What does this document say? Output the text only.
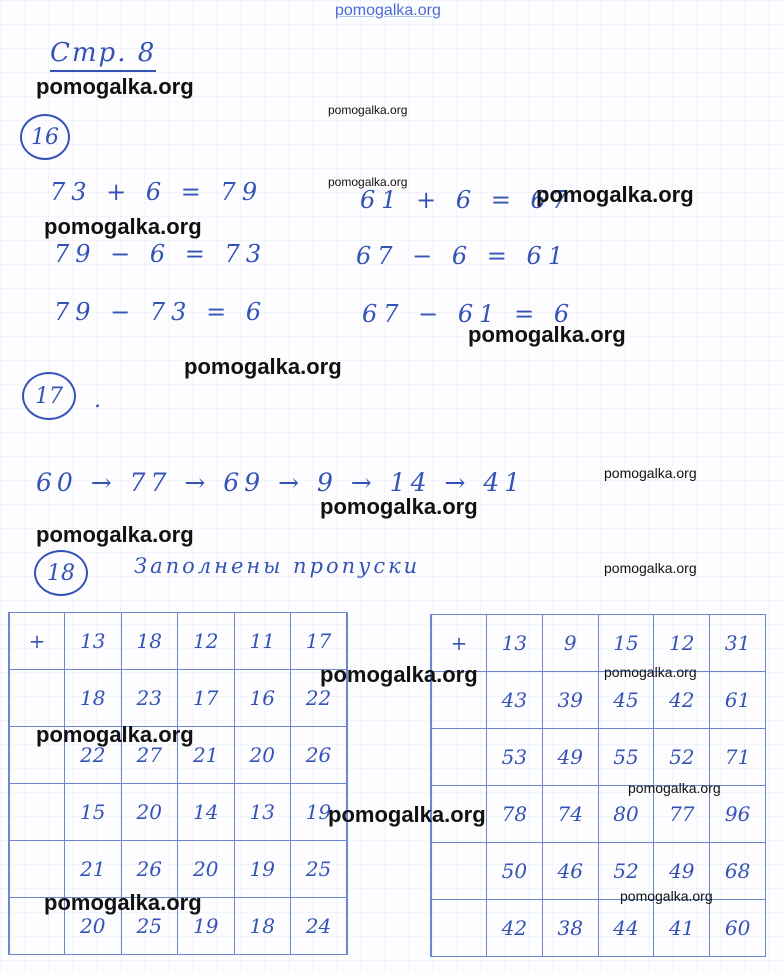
pomogalka.org
Стр. 8
16
73 + 6 = 79
79 − 6 = 73
79 − 73 = 6
61 + 6 = 67
67 − 6 = 61
67 − 61 = 6
17	.
60 → 77 → 69 → 9 → 14 → 41
18	Заполнены пропуски
+	13	18	12	11	17
	18	23	17	16	22
	22	27	21	20	26
	15	20	14	13	19
	21	26	20	19	25
	20	25	19	18	24
+	13	9	15	12	31
	43	39	45	42	61
	53	49	55	52	71
	78	74	80	77	96
	50	46	52	49	68
	42	38	44	41	60
pomogalka.org
pomogalka.org
pomogalka.org	pomogalka.org
pomogalka.org
pomogalka.org
pomogalka.org
pomogalka.org
pomogalka.org
pomogalka.org
pomogalka.org
pomogalka.org	pomogalka.org
pomogalka.org
pomogalka.org
pomogalka.org
pomogalka.org	pomogalka.org
